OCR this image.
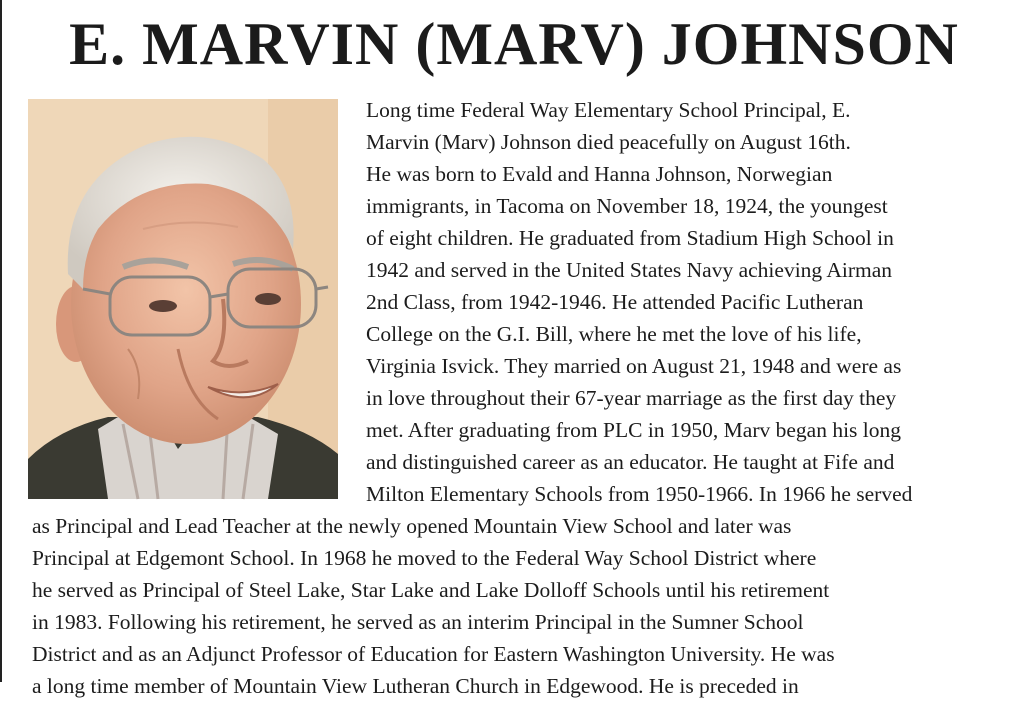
E. MARVIN (MARV) JOHNSON
Long time Federal Way Elementary School Principal, E.
Marvin (Marv) Johnson died peacefully on August 16th.
He was born to Evald and Hanna Johnson, Norwegian
immigrants, in Tacoma on November 18, 1924, the youngest
of eight children. He graduated from Stadium High School in
1942 and served in the United States Navy achieving Airman
2nd Class, from 1942-1946. He attended Pacific Lutheran
College on the G.I. Bill, where he met the love of his life,
Virginia Isvick. They married on August 21, 1948 and were as
in love throughout their 67-year marriage as the first day they
met. After graduating from PLC in 1950, Marv began his long
and distinguished career as an educator. He taught at Fife and
Milton Elementary Schools from 1950-1966. In 1966 he served
as Principal and Lead Teacher at the newly opened Mountain View School and later was
Principal at Edgemont School. In 1968 he moved to the Federal Way School District where
he served as Principal of Steel Lake, Star Lake and Lake Dolloff Schools until his retirement
in 1983. Following his retirement, he served as an interim Principal in the Sumner School
District and as an Adjunct Professor of Education for Eastern Washington University. He was
a long time member of Mountain View Lutheran Church in Edgewood. He is preceded in
